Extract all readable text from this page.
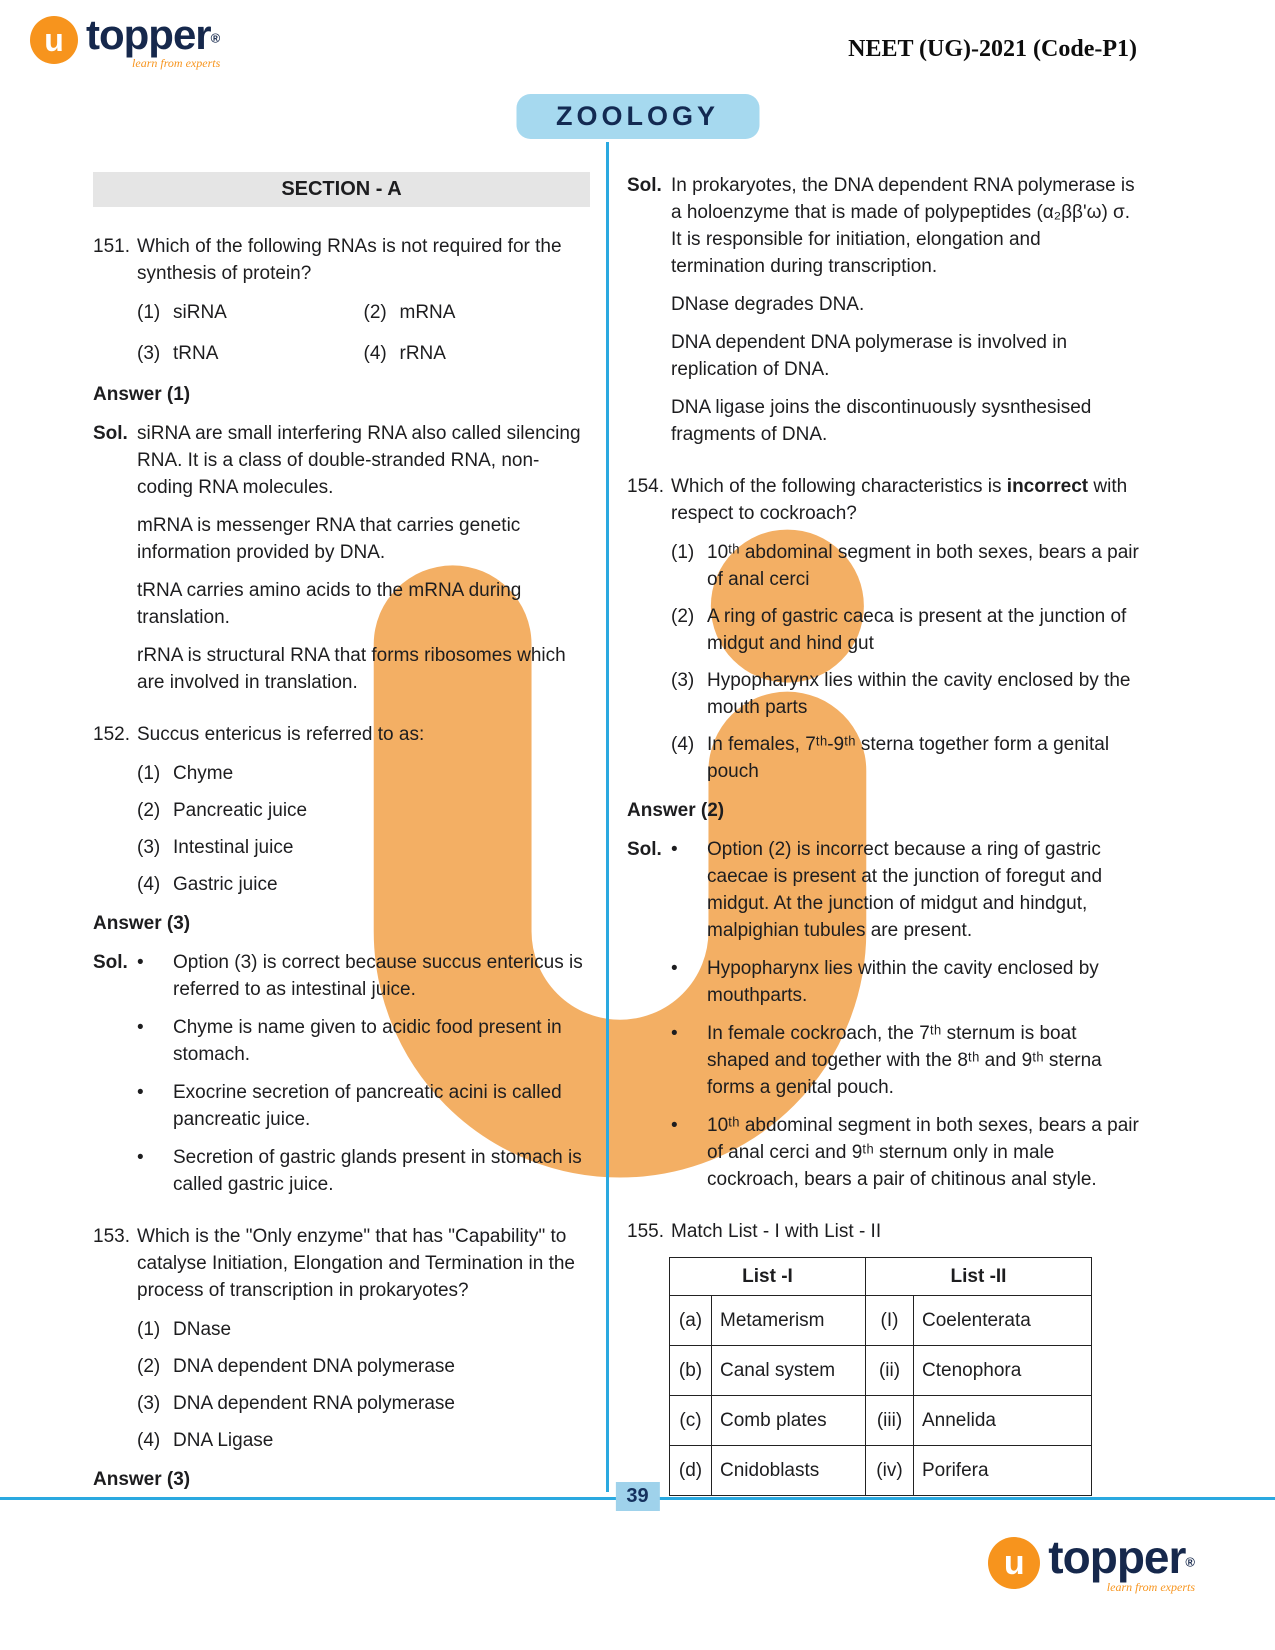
u topper®
learn from experts
NEET (UG)-2021 (Code-P1)
ZOOLOGY
SECTION - A
151. Which of the following RNAs is not required for the synthesis of protein?
(1) siRNA	(2) mRNA
(3) tRNA	(4) rRNA
Answer (1)
Sol. siRNA are small interfering RNA also called silencing RNA. It is a class of double-stranded RNA, non-coding RNA molecules.

mRNA is messenger RNA that carries genetic information provided by DNA.

tRNA carries amino acids to the mRNA during translation.

rRNA is structural RNA that forms ribosomes which are involved in translation.

152. Succus entericus is referred to as:
(1) Chyme
(2) Pancreatic juice
(3) Intestinal juice
(4) Gastric juice
Answer (3)
Sol. •	Option (3) is correct because succus entericus is referred to as intestinal juice.
•	Chyme is name given to acidic food present in stomach.
•	Exocrine secretion of pancreatic acini is called pancreatic juice.
•	Secretion of gastric glands present in stomach is called gastric juice.
153. Which is the "Only enzyme" that has "Capability" to catalyse Initiation, Elongation and Termination in the process of transcription in prokaryotes?
(1) DNase
(2) DNA dependent DNA polymerase
(3) DNA dependent RNA polymerase
(4) DNA Ligase
Answer (3)
Sol. In prokaryotes, the DNA dependent RNA polymerase is a holoenzyme that is made of polypeptides (α₂ββ'ω) σ. It is responsible for initiation, elongation and termination during transcription.

DNase degrades DNA.

DNA dependent DNA polymerase is involved in replication of DNA.

DNA ligase joins the discontinuously sysnthesised fragments of DNA.

154. Which of the following characteristics is incorrect with respect to cockroach?
(1) 10ᵗʰ abdominal segment in both sexes, bears a pair of anal cerci
(2) A ring of gastric caeca is present at the junction of midgut and hind gut
(3) Hypopharynx lies within the cavity enclosed by the mouth parts
(4) In females, 7ᵗʰ-9ᵗʰ sterna together form a genital pouch
Answer (2)
Sol. •	Option (2) is incorrect because a ring of gastric caecae is present at the junction of foregut and midgut. At the junction of midgut and hindgut, malpighian tubules are present.
•	Hypopharynx lies within the cavity enclosed by mouthparts.
•	In female cockroach, the 7ᵗʰ sternum is boat shaped and together with the 8ᵗʰ and 9ᵗʰ sterna forms a genital pouch.
•	10ᵗʰ abdominal segment in both sexes, bears a pair of anal cerci and 9ᵗʰ sternum only in male cockroach, bears a pair of chitinous anal style.
155. Match List - I with List - II
List -I		List -II	
(a)	Metamerism	(I)	Coelenterata
(b)	Canal system	(ii)	Ctenophora
(c)	Comb plates	(iii)	Annelida
(d)	Cnidoblasts	(iv)	Porifera
39
u topper®
learn from experts
